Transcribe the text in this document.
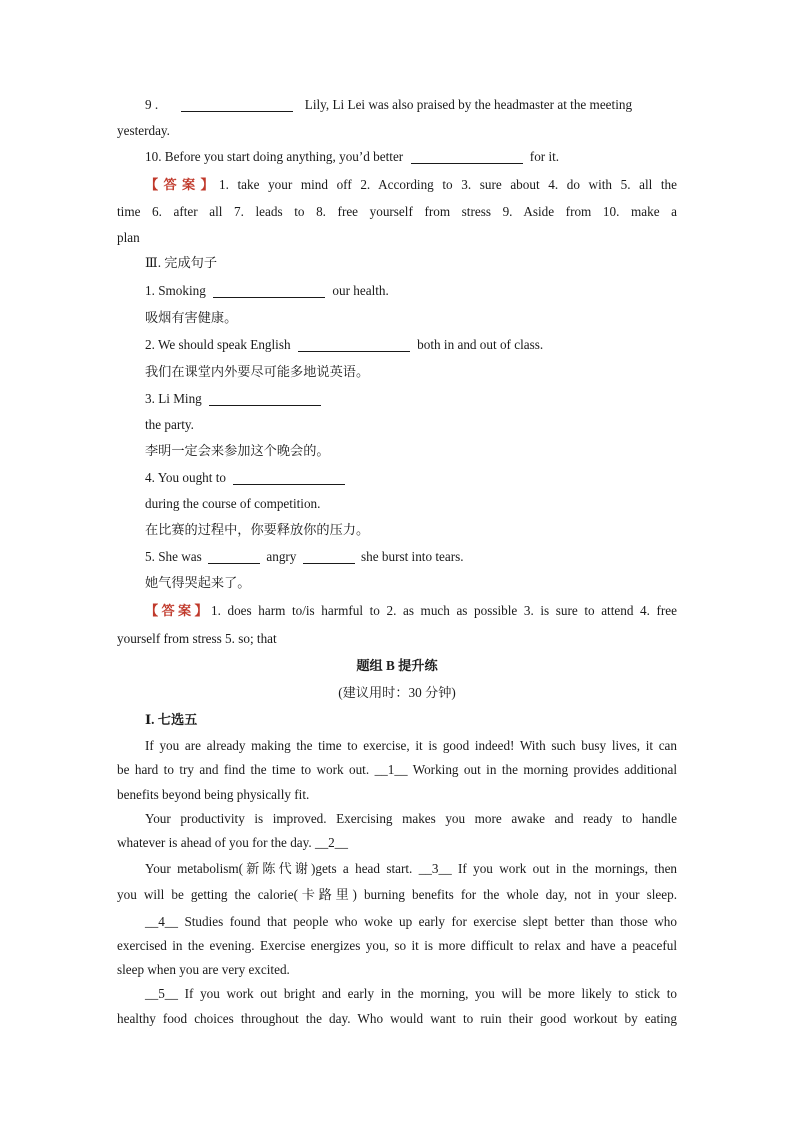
9 .	Lily, Li Lei was also praised by the headmaster at the meeting
yesterday.
10. Before you start doing anything, you’d better	for it.
【答案】1. take your mind off 2. According to 3. sure about 4. do with 5. all the
time 6. after all 7. leads to 8. free yourself from stress 9. Aside from 10. make a
plan
Ⅲ. 完成句子
1. Smoking	our health.
吸烟有害健康。
2. We should speak English	both in and out of class.
我们在课堂内外要尽可能多地说英语。
3. Li Ming
the party.
李明一定会来参加这个晚会的。
4. You ought to
during the course of competition.
在比赛的过程中，你要释放你的压力。
5. She was	angry	she burst into tears.
她气得哭起来了。
【答案】1. does harm to/is harmful to 2. as much as possible 3. is sure to attend 4. free
yourself from stress 5. so; that
题组 B 提升练
(建议用时：30 分钟)
Ⅰ. 七选五
If you are already making the time to exercise, it is good indeed! With such busy lives, it can
be hard to try and find the time to work out. __1__ Working out in the morning provides additional
benefits beyond being physically fit.
Your productivity is improved. Exercising makes you more awake and ready to handle
whatever is ahead of you for the day. __2__
Your metabolism(新陈代谢)gets a head start. __3__ If you work out in the mornings, then
you will be getting the calorie(卡路里) burning benefits for the whole day, not in your sleep.
__4__ Studies found that people who woke up early for exercise slept better than those who
exercised in the evening. Exercise energizes you, so it is more difficult to relax and have a peaceful
sleep when you are very excited.
__5__ If you work out bright and early in the morning, you will be more likely to stick to
healthy food choices throughout the day. Who would want to ruin their good workout by eating
